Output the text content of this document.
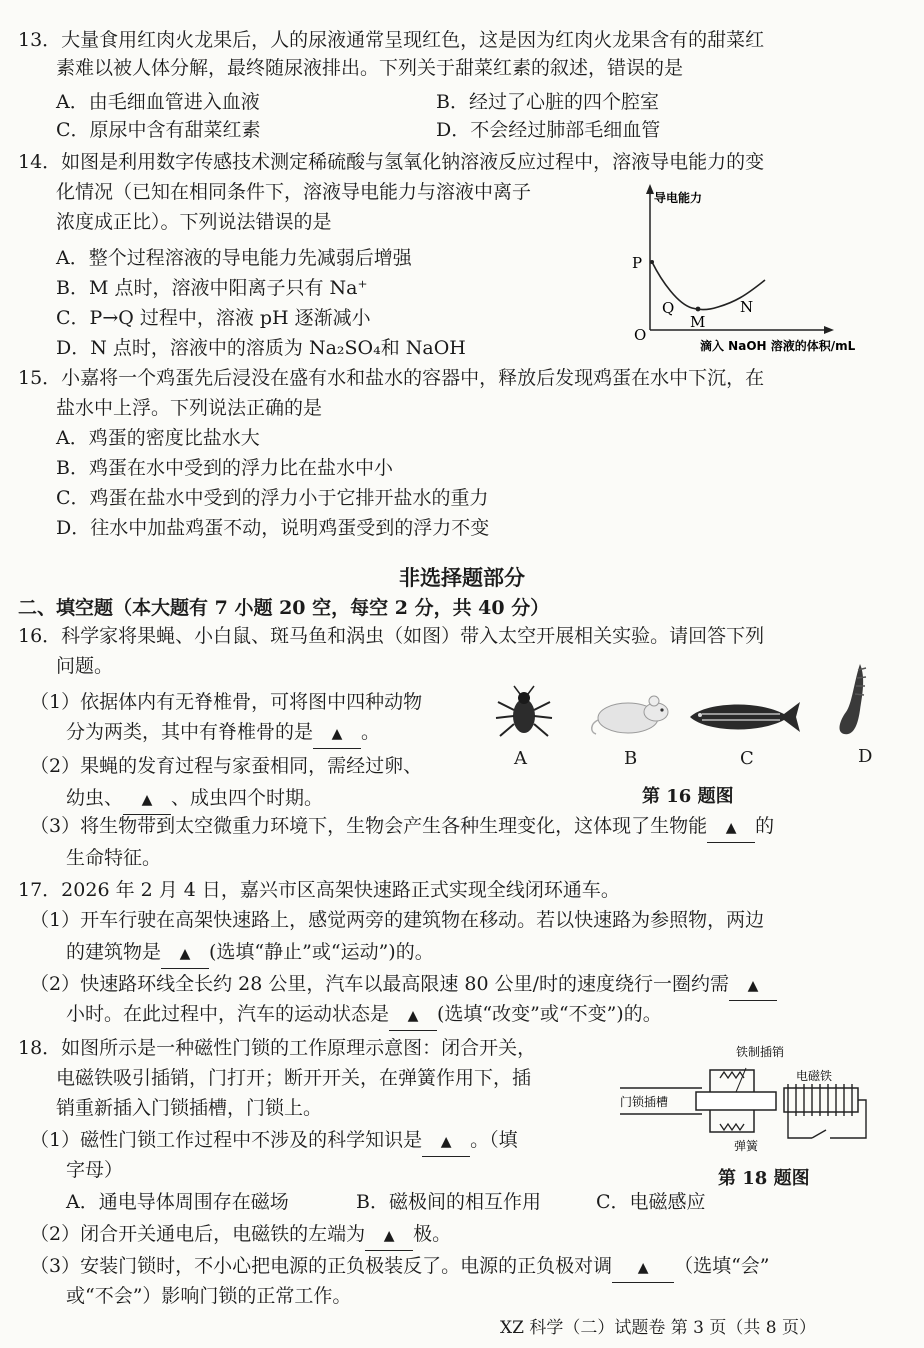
13．大量食用红肉火龙果后，人的尿液通常呈现红色，这是因为红肉火龙果含有的甜菜红
素难以被人体分解，最终随尿液排出。下列关于甜菜红素的叙述，错误的是
A．由毛细血管进入血液	B．经过了心脏的四个腔室
C．原尿中含有甜菜红素	D．不会经过肺部毛细血管
14．如图是利用数字传感技术测定稀硫酸与氢氧化钠溶液反应过程中，溶液导电能力的变
化情况（已知在相同条件下，溶液导电能力与溶液中离子
浓度成正比）。下列说法错误的是
A．整个过程溶液的导电能力先减弱后增强
B．M 点时，溶液中阳离子只有 Na⁺
C．P→Q 过程中，溶液 pH 逐渐减小
D．N 点时，溶液中的溶质为 Na₂SO₄和 NaOH
导电能力
O
P
Q
M
N
滴入 NaOH 溶液的体积/mL
15．小嘉将一个鸡蛋先后浸没在盛有水和盐水的容器中，释放后发现鸡蛋在水中下沉，在
盐水中上浮。下列说法正确的是
A．鸡蛋的密度比盐水大
B．鸡蛋在水中受到的浮力比在盐水中小
C．鸡蛋在盐水中受到的浮力小于它排开盐水的重力
D．往水中加盐鸡蛋不动，说明鸡蛋受到的浮力不变
非选择题部分
二、填空题（本大题有 7 小题 20 空，每空 2 分，共 40 分）
16．科学家将果蝇、小白鼠、斑马鱼和涡虫（如图）带入太空开展相关实验。请回答下列
问题。
（1）依据体内有无脊椎骨，可将图中四种动物
分为两类，其中有脊椎骨的是 ▲ 。
（2）果蝇的发育过程与家蚕相同，需经过卵、
幼虫、 ▲ 、成虫四个时期。
（3）将生物带到太空微重力环境下，生物会产生各种生理变化，这体现了生物能 ▲ 的
生命特征。
A	B	C	D
第 16 题图
17．2026 年 2 月 4 日，嘉兴市区高架快速路正式实现全线闭环通车。
（1）开车行驶在高架快速路上，感觉两旁的建筑物在移动。若以快速路为参照物，两边
的建筑物是 ▲ (选填“静止”或“运动”)的。
（2）快速路环线全长约 28 公里，汽车以最高限速 80 公里/时的速度绕行一圈约需 ▲
小时。在此过程中，汽车的运动状态是 ▲ (选填“改变”或“不变”)的。
18．如图所示是一种磁性门锁的工作原理示意图：闭合开关，
电磁铁吸引插销，门打开；断开开关，在弹簧作用下，插
销重新插入门锁插槽，门锁上。
（1）磁性门锁工作过程中不涉及的科学知识是 ▲ 。（填
字母）
A．通电导体周围存在磁场	B．磁极间的相互作用	C．电磁感应
（2）闭合开关通电后，电磁铁的左端为 ▲ 极。
（3）安装门锁时，不小心把电源的正负极装反了。电源的正负极对调 ▲ （选填“会”
或“不会”）影响门锁的正常工作。
铁制插销
电磁铁
门锁插槽
弹簧
第 18 题图
XZ 科学（二）试题卷 第 3 页（共 8 页）
